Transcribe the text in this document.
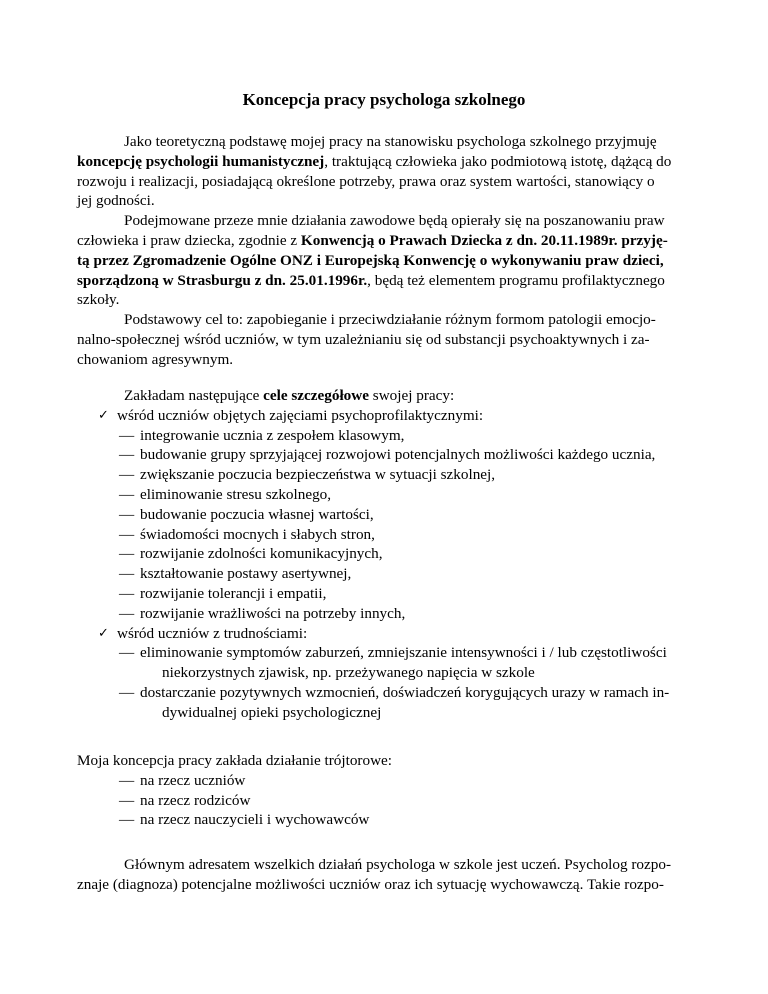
Koncepcja pracy psychologa szkolnego
Jako teoretyczną podstawę mojej pracy na stanowisku psychologa szkolnego przyjmuję
koncepcję psychologii humanistycznej, traktującą człowieka jako podmiotową istotę, dążącą do
rozwoju i realizacji, posiadającą określone potrzeby, prawa oraz system wartości, stanowiący o
jej godności.
Podejmowane przeze mnie działania zawodowe będą opierały się na poszanowaniu praw
człowieka i praw dziecka, zgodnie z Konwencją o Prawach Dziecka z dn. 20.11.1989r. przyję-
tą przez Zgromadzenie Ogólne ONZ i Europejską Konwencję o wykonywaniu praw dzieci,
sporządzoną w Strasburgu z dn. 25.01.1996r., będą też elementem programu profilaktycznego
szkoły.
Podstawowy cel to: zapobieganie i przeciwdziałanie różnym formom patologii emocjo-
nalno-społecznej wśród uczniów, w tym uzależnianiu się od substancji psychoaktywnych i za-
chowaniom agresywnym.
Zakładam następujące cele szczegółowe swojej pracy:
✓ wśród uczniów objętych zajęciami psychoprofilaktycznymi:
— integrowanie ucznia z zespołem klasowym,
— budowanie grupy sprzyjającej rozwojowi potencjalnych możliwości każdego ucznia,
— zwiększanie poczucia bezpieczeństwa w sytuacji szkolnej,
— eliminowanie stresu szkolnego,
— budowanie poczucia własnej wartości,
— świadomości mocnych i słabych stron,
— rozwijanie zdolności komunikacyjnych,
— kształtowanie postawy asertywnej,
— rozwijanie tolerancji i empatii,
— rozwijanie wrażliwości na potrzeby innych,
✓ wśród uczniów z trudnościami:
— eliminowanie symptomów zaburzeń, zmniejszanie intensywności i / lub częstotliwości
niekorzystnych zjawisk, np. przeżywanego napięcia w szkole
— dostarczanie pozytywnych wzmocnień, doświadczeń korygujących urazy w ramach in-
dywidualnej opieki psychologicznej
Moja koncepcja pracy zakłada działanie trójtorowe:
— na rzecz uczniów
— na rzecz rodziców
— na rzecz nauczycieli i wychowawców
Głównym adresatem wszelkich działań psychologa w szkole jest uczeń. Psycholog rozpo-
znaje (diagnoza) potencjalne możliwości uczniów oraz ich sytuację wychowawczą. Takie rozpo-
